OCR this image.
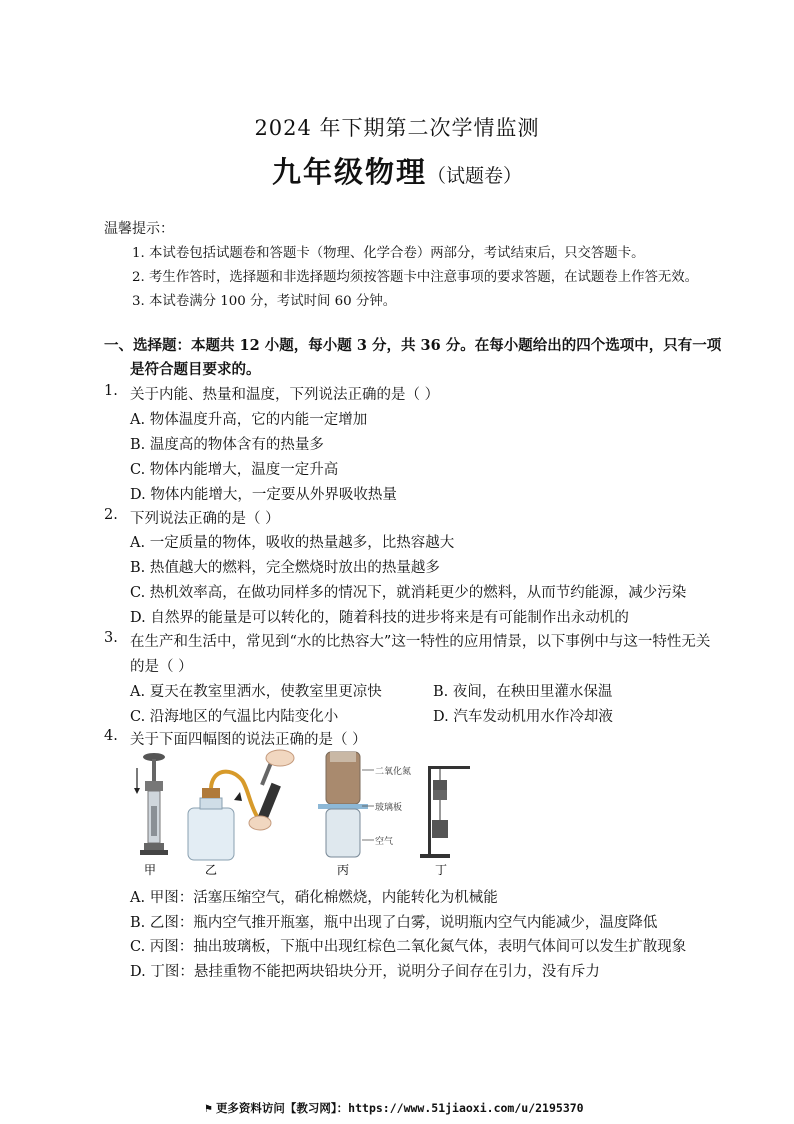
2024 年下期第二次学情监测
九年级物理（试题卷）
温馨提示：
1. 本试卷包括试题卷和答题卡（物理、化学合卷）两部分，考试结束后，只交答题卡。
2. 考生作答时，选择题和非选择题均须按答题卡中注意事项的要求答题，在试题卷上作答无效。
3. 本试卷满分 100 分，考试时间 60 分钟。
一、选择题：本题共 12 小题，每小题 3 分，共 36 分。在每小题给出的四个选项中，只有一项
是符合题目要求的。
1. 关于内能、热量和温度，下列说法正确的是（ ）
A. 物体温度升高，它的内能一定增加
B. 温度高的物体含有的热量多
C. 物体内能增大，温度一定升高
D. 物体内能增大，一定要从外界吸收热量
2. 下列说法正确的是（ ）
A. 一定质量的物体，吸收的热量越多，比热容越大
B. 热值越大的燃料，完全燃烧时放出的热量越多
C. 热机效率高，在做功同样多的情况下，就消耗更少的燃料，从而节约能源，减少污染
D. 自然界的能量是可以转化的，随着科技的进步将来是有可能制作出永动机的
3. 在生产和生活中，常见到“水的比热容大”这一特性的应用情景，以下事例中与这一特性无关
的是（ ）
A. 夏天在教室里洒水，使教室里更凉快	B. 夜间，在秧田里灌水保温
C. 沿海地区的气温比内陆变化小	D. 汽车发动机用水作冷却液
4. 关于下面四幅图的说法正确的是（ ）
二氧化氮
玻璃板
空气
甲	乙	丙	丁
A. 甲图：活塞压缩空气，硝化棉燃烧，内能转化为机械能
B. 乙图：瓶内空气推开瓶塞，瓶中出现了白雾，说明瓶内空气内能减少，温度降低
C. 丙图：抽出玻璃板，下瓶中出现红棕色二氧化氮气体，表明气体间可以发生扩散现象
D. 丁图：悬挂重物不能把两块铅块分开，说明分子间存在引力，没有斥力
⚑ 更多资料访问【教习网】：https://www.51jiaoxi.com/u/2195370
